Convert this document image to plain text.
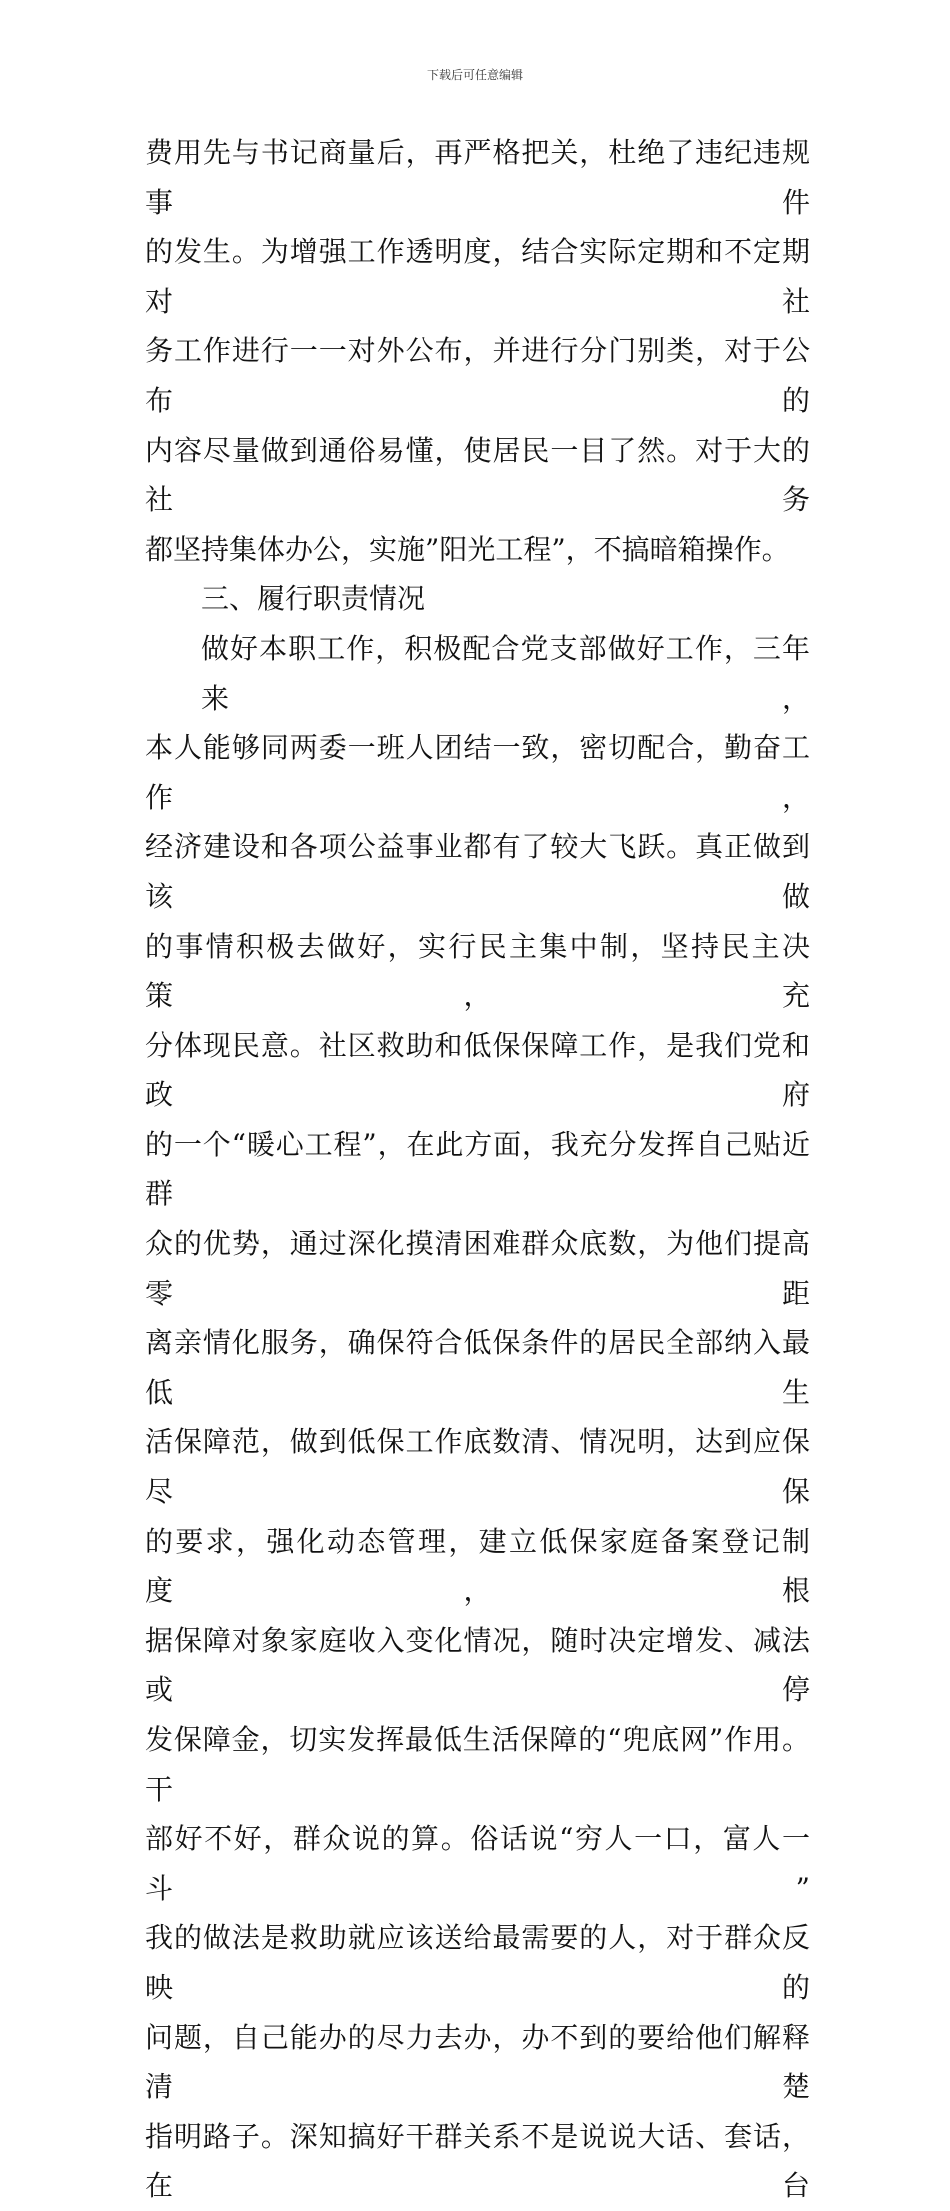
下载后可任意编辑
费用先与书记商量后，再严格把关，杜绝了违纪违规事件
的发生。为增强工作透明度，结合实际定期和不定期对社
务工作进行一一对外公布，并进行分门别类，对于公布的
内容尽量做到通俗易懂，使居民一目了然。对于大的社务
都坚持集体办公，实施”阳光工程”，不搞暗箱操作。
三、履行职责情况
做好本职工作，积极配合党支部做好工作，三年来，
本人能够同两委一班人团结一致，密切配合，勤奋工作，
经济建设和各项公益事业都有了较大飞跃。真正做到该做
的事情积极去做好，实行民主集中制，坚持民主决策，充
分体现民意。社区救助和低保保障工作，是我们党和政府
的一个“暖心工程”，在此方面，我充分发挥自己贴近群
众的优势，通过深化摸清困难群众底数，为他们提高零距
离亲情化服务，确保符合低保条件的居民全部纳入最低生
活保障范，做到低保工作底数清、情况明，达到应保尽保
的要求，强化动态管理，建立低保家庭备案登记制度，根
据保障对象家庭收入变化情况，随时决定增发、减法或停
发保障金，切实发挥最低生活保障的“兜底网”作用。干
部好不好，群众说的算。俗话说“穷人一口，富人一斗”
我的做法是救助就应该送给最需要的人，对于群众反映的
问题，自己能办的尽力去办，办不到的要给他们解释清楚
指明路子。深知搞好干群关系不是说说大话、套话，在台
